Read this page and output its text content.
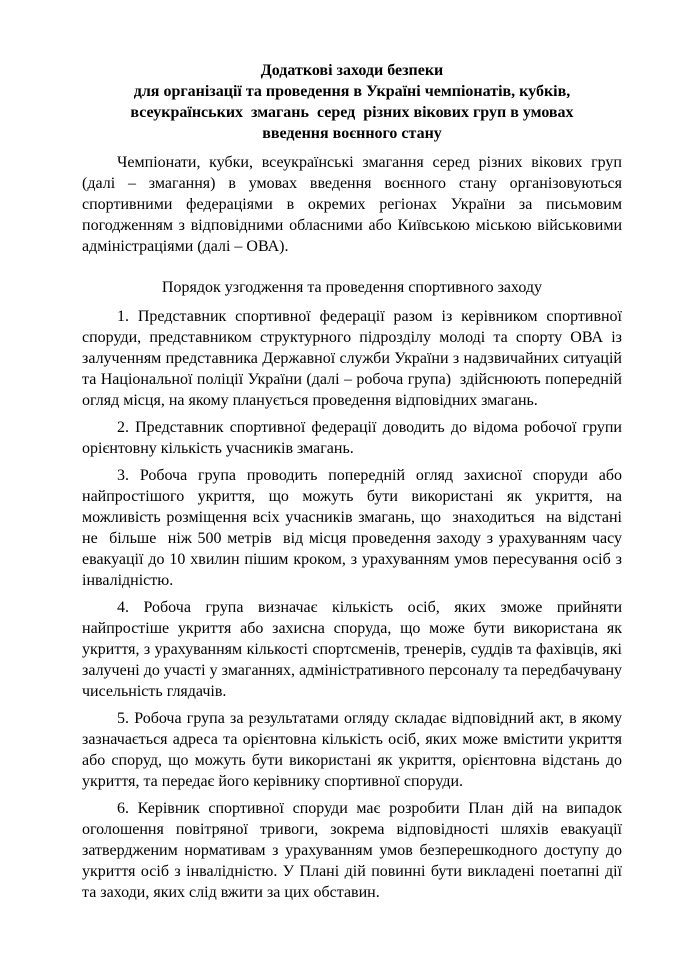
Додаткові заходи безпеки
для організації та проведення в Україні чемпіонатів, кубків,
всеукраїнських  змагань  серед  різних вікових груп в умовах
введення воєнного стану

Чемпіонати, кубки, всеукраїнські змагання серед різних вікових груп (далі – змагання) в умовах введення воєнного стану організовуються спортивними федераціями в окремих регіонах України за письмовим погодженням з відповідними обласними або Київською міською військовими адміністраціями (далі – ОВА).

Порядок узгодження та проведення спортивного заходу

1. Представник спортивної федерації разом із керівником спортивної споруди, представником структурного підрозділу молоді та спорту ОВА із залученням представника Державної служби України з надзвичайних ситуацій та Національної поліції України (далі – робоча група)  здійснюють попередній огляд місця, на якому планується проведення відповідних змагань.

2. Представник спортивної федерації доводить до відома робочої групи орієнтовну кількість учасників змагань.

3. Робоча група проводить попередній огляд захисної споруди або найпростішого укриття, що можуть бути використані як укриття, на можливість розміщення всіх учасників змагань, що  знаходиться  на відстані  не  більше  ніж 500 метрів  від місця проведення заходу з урахуванням часу евакуації до 10 хвилин пішим кроком, з урахуванням умов пересування осіб з інвалідністю.

4. Робоча група визначає кількість осіб, яких зможе прийняти найпростіше укриття або захисна споруда, що може бути використана як укриття, з урахуванням кількості спортсменів, тренерів, суддів та фахівців, які залучені до участі у змаганнях, адміністративного персоналу та передбачувану чисельність глядачів.

5. Робоча група за результатами огляду складає відповідний акт, в якому зазначається адреса та орієнтовна кількість осіб, яких може вмістити укриття  або споруд, що можуть бути використані як укриття, орієнтовна відстань до укриття, та передає його керівнику спортивної споруди.

6. Керівник спортивної споруди має розробити План дій на випадок оголошення повітряної тривоги, зокрема відповідності шляхів евакуації затвердженим нормативам з урахуванням умов безперешкодного доступу до укриття осіб з інвалідністю. У Плані дій повинні бути викладені поетапні дії та заходи, яких слід вжити за цих обставин.
